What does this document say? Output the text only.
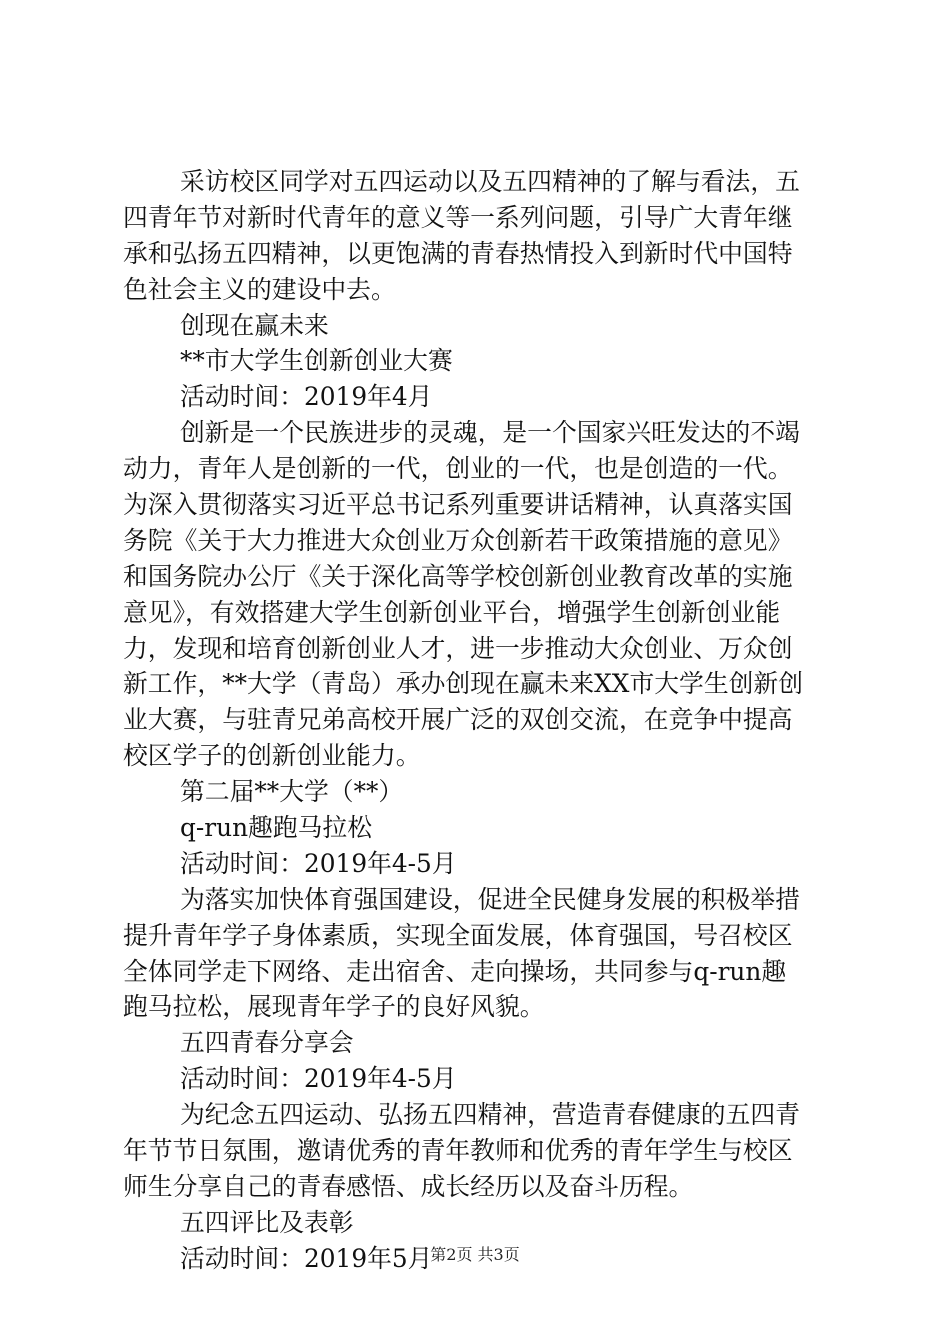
采访校区同学对五四运动以及五四精神的了解与看法，五
四青年节对新时代青年的意义等一系列问题，引导广大青年继
承和弘扬五四精神，以更饱满的青春热情投入到新时代中国特
色社会主义的建设中去。
创现在赢未来
**市大学生创新创业大赛
活动时间：2019年4月
创新是一个民族进步的灵魂，是一个国家兴旺发达的不竭
动力，青年人是创新的一代，创业的一代，也是创造的一代。
为深入贯彻落实习近平总书记系列重要讲话精神，认真落实国
务院《关于大力推进大众创业万众创新若干政策措施的意见》
和国务院办公厅《关于深化高等学校创新创业教育改革的实施
意见》，有效搭建大学生创新创业平台，增强学生创新创业能
力，发现和培育创新创业人才，进一步推动大众创业、万众创
新工作，**大学（青岛）承办创现在赢未来XX市大学生创新创
业大赛，与驻青兄弟高校开展广泛的双创交流，在竞争中提高
校区学子的创新创业能力。
第二届**大学（**）
q-run趣跑马拉松
活动时间：2019年4-5月
为落实加快体育强国建设，促进全民健身发展的积极举措
提升青年学子身体素质，实现全面发展，体育强国，号召校区
全体同学走下网络、走出宿舍、走向操场，共同参与q-run趣
跑马拉松，展现青年学子的良好风貌。
五四青春分享会
活动时间：2019年4-5月
为纪念五四运动、弘扬五四精神，营造青春健康的五四青
年节节日氛围，邀请优秀的青年教师和优秀的青年学生与校区
师生分享自己的青春感悟、成长经历以及奋斗历程。
五四评比及表彰
活动时间：2019年5月
第2页 共3页
